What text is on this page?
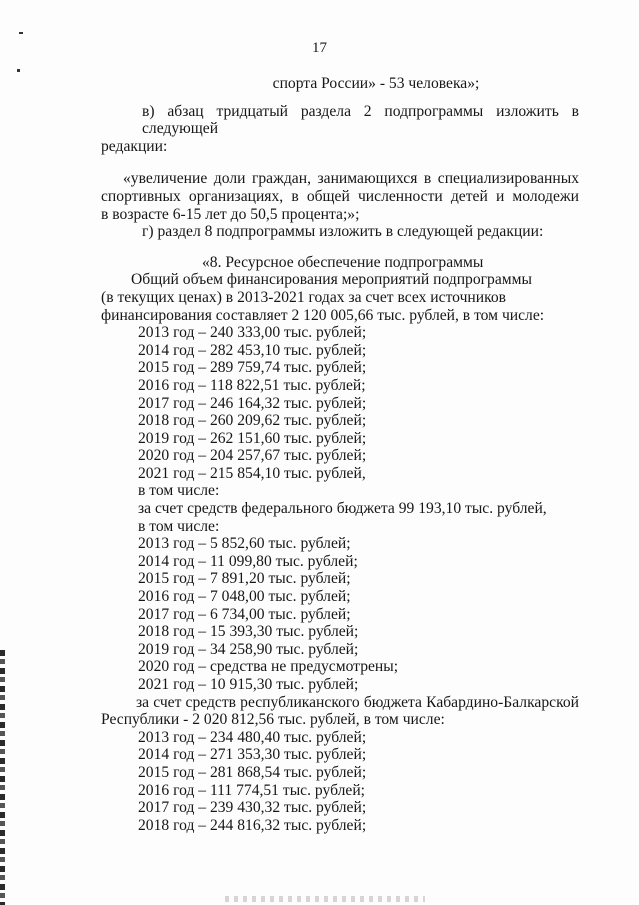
17
спорта России» - 53 человека»;
в) абзац тридцатый раздела 2 подпрограммы изложить в следующей
редакции:
«увеличение доли граждан, занимающихся в специализированных
спортивных организациях, в общей численности детей и молодежи
в возрасте 6-15 лет до 50,5 процента;»;
г) раздел 8 подпрограммы изложить в следующей редакции:
«8. Ресурсное обеспечение подпрограммы
Общий объем финансирования мероприятий подпрограммы
(в текущих ценах) в 2013-2021 годах за счет всех источников
финансирования составляет 2 120 005,66 тыс. рублей, в том числе:
2013 год – 240 333,00 тыс. рублей;
2014 год – 282 453,10 тыс. рублей;
2015 год – 289 759,74 тыс. рублей;
2016 год – 118 822,51 тыс. рублей;
2017 год – 246 164,32 тыс. рублей;
2018 год – 260 209,62 тыс. рублей;
2019 год – 262 151,60 тыс. рублей;
2020 год – 204 257,67 тыс. рублей;
2021 год – 215 854,10 тыс. рублей,
в том числе:
за счет средств федерального бюджета 99 193,10 тыс. рублей,
в том числе:
2013 год – 5 852,60 тыс. рублей;
2014 год – 11 099,80 тыс. рублей;
2015 год – 7 891,20 тыс. рублей;
2016 год – 7 048,00 тыс. рублей;
2017 год – 6 734,00 тыс. рублей;
2018 год – 15 393,30 тыс. рублей;
2019 год – 34 258,90 тыс. рублей;
2020 год – средства не предусмотрены;
2021 год – 10 915,30 тыс. рублей;
за счет средств республиканского бюджета Кабардино-Балкарской
Республики - 2 020 812,56 тыс. рублей, в том числе:
2013 год – 234 480,40 тыс. рублей;
2014 год – 271 353,30 тыс. рублей;
2015 год – 281 868,54 тыс. рублей;
2016 год – 111 774,51 тыс. рублей;
2017 год – 239 430,32 тыс. рублей;
2018 год – 244 816,32 тыс. рублей;
